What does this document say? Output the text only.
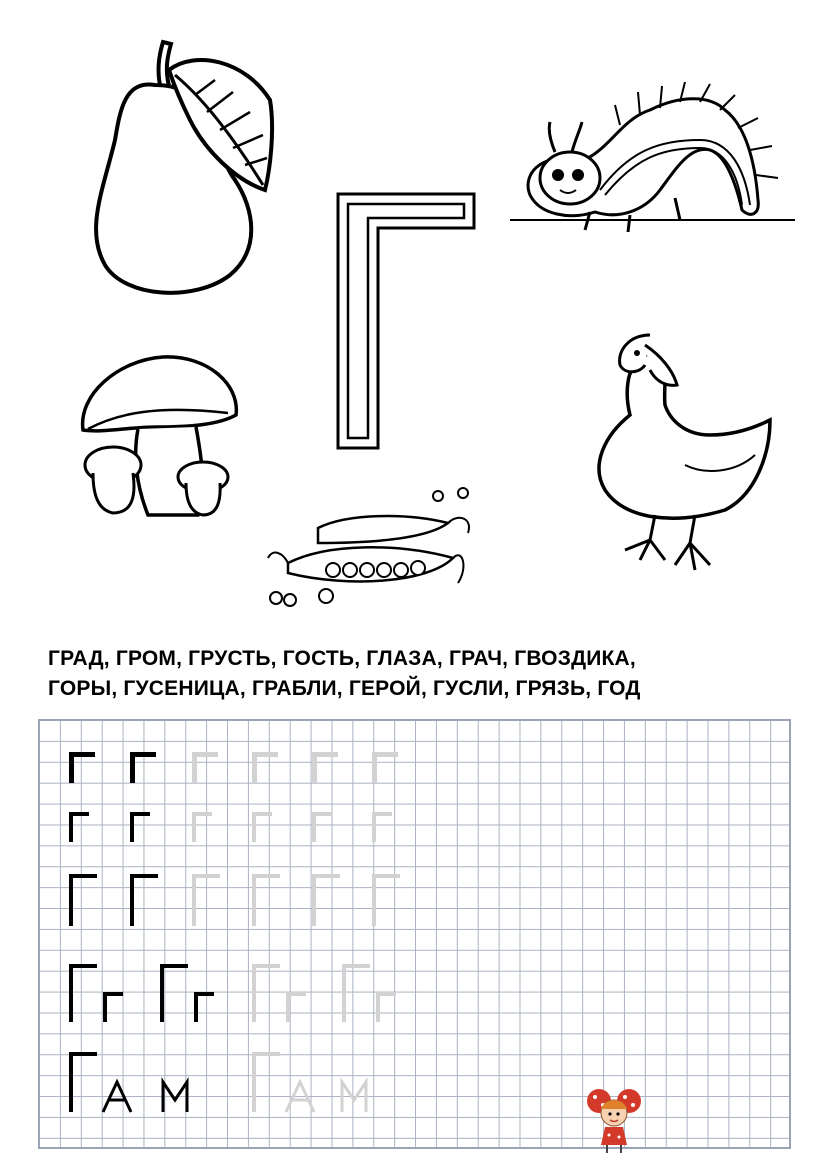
ГРАД, ГРОМ, ГРУСТЬ, ГОСТЬ, ГЛАЗА, ГРАЧ, ГВОЗДИКА,
ГОРЫ, ГУСЕНИЦА, ГРАБЛИ, ГЕРОЙ, ГУСЛИ, ГРЯЗЬ, ГОД
